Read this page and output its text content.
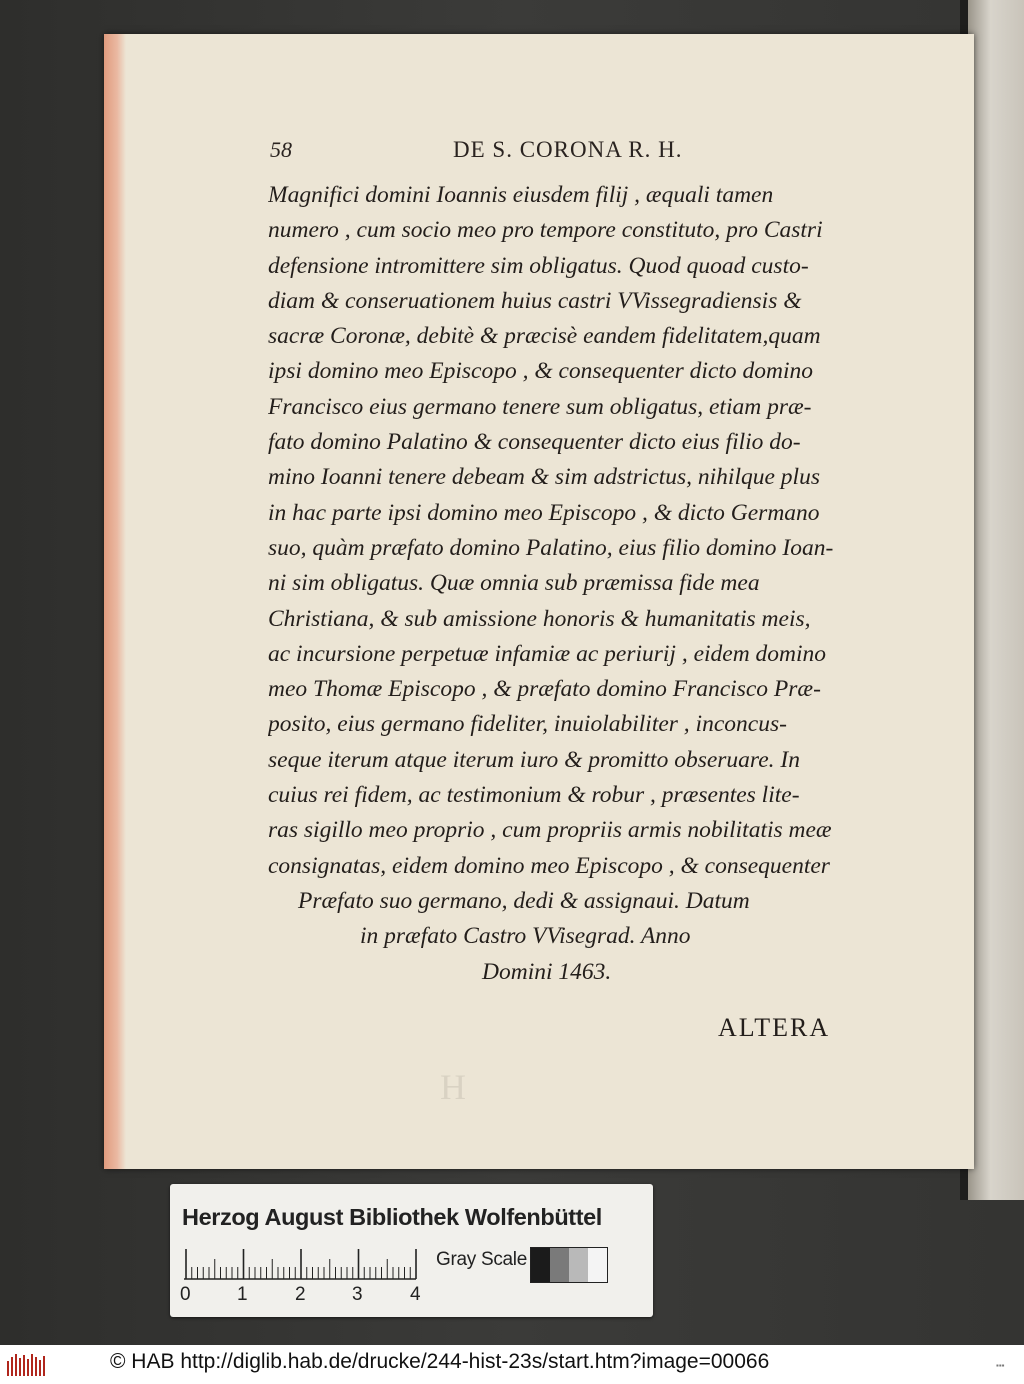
58	DE S. CORONA R. H.
Magnifici domini Ioannis eiusdem filij , æquali tamen
numero , cum socio meo pro tempore constituto, pro Castri
defensione intromittere sim obligatus. Quod quoad custo-
diam & conseruationem huius castri VVissegradiensis &
sacræ Coronæ, debitè & præcisè eandem fidelitatem,quam
ipsi domino meo Episcopo , & consequenter dicto domino
Francisco eius germano tenere sum obligatus, etiam præ-
fato domino Palatino & consequenter dicto eius filio do-
mino Ioanni tenere debeam & sim adstrictus, nihilque plus
in hac parte ipsi domino meo Episcopo , & dicto Germano
suo, quàm præfato domino Palatino, eius filio domino Ioan-
ni sim obligatus. Quæ omnia sub præmissa fide mea
Christiana, & sub amissione honoris & humanitatis meis,
ac incursione perpetuæ infamiæ ac periurij , eidem domino
meo Thomæ Episcopo , & præfato domino Francisco Præ-
posito, eius germano fideliter, inuiolabiliter , inconcus-
seque iterum atque iterum iuro & promitto obseruare. In
cuius rei fidem, ac testimonium & robur , præsentes lite-
ras sigillo meo proprio , cum propriis armis nobilitatis meæ
consignatas, eidem domino meo Episcopo , & consequenter
Præfato suo germano, dedi & assignaui. Datum
in præfato Castro VVisegrad. Anno
Domini 1463.
ALTERA
H
Herzog August Bibliothek Wolfenbüttel
0 1 2 3 4
Gray Scale
© HAB http://diglib.hab.de/drucke/244-hist-23s/start.htm?image=00066	▪▪▪
